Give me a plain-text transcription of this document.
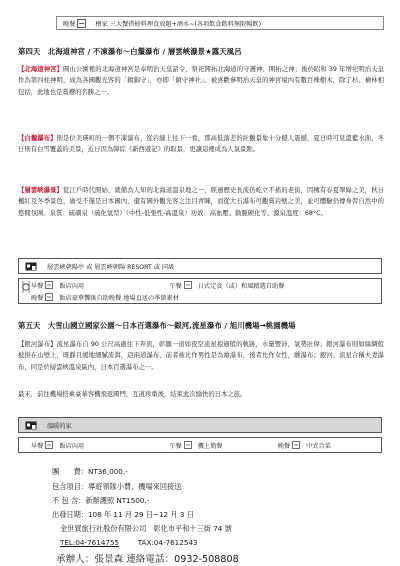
晚餐	檜家 三大蟹搭螃料理食放題+酒水~(各項飲食飲料無限暢飲)
第四天　北海道神宮 / 不凍瀑布～白鬚瀑布 / 層雲峽瀑景★露天風呂
【北海道神宮】圓山公園裡的北海道神宮是奉明治天皇詔令，祭祀開拓北海道的守護神、開拓之神；後於昭和 39 年增祀明治天皇作為第四柱神明，成為各國觀光客的「鎮錦守」，亦即「鎮守神社」。被喜歡參明治天皇的神宮境內有數百株樹木，除了杉、檜林相包括，此地也是賞櫻的名勝之一。
【白鬚瀑布】則是位美瑛町的一個不凍瀑布，從岩縫上往下一看，那高低落差的壯觀景象十分撼人震撼，夏日時可見溫藍水面，冬日則有白雪覆蓋的美景，近日因為韓綜《新西遊記》的取景，更讓這裡成為人氣景點。
【層雲峽瀑景】從江戶時代開始，就備為人知的北海道溫泉地之一，經過歷史長流仍屹立不搖的老街，因擁有春夏翠綠之美，秋日楓紅及冬季景色，廣受不僅是日本國內，還有國外觀光客之注目青睞，而從大石瀑布可觀賞岩壁之美，並可體驗仍傳身習自然中的悠閒氛圍。泉質：硫磺泉（硫化氫型）（中性-低張性-高溫泉）功效：高血壓、動脈硬化等。源泉溫度：68°C。
層雲峽朝陽亭 或 層雲峽朝陽 RESORT 或 同級
早餐	飯店內用	午餐	日式定食（或）和風精選自助餐
晚餐	飯店豪華饗匯自助晚餐 地場直送の季節素材
第五天　大雪山國立國家公園～日本百選瀑布～銀河,流星瀑布 / 旭川機場→桃園機場
【銀河瀑布】流星瀑布自 90 公尺高處往下奔流，彰顯一道如夜空流星掠過般的軌跡，水量豐沛，氣勢壯偉；銀河瀑布則如絲綢般披掛在山壁上，既靜且緩地細膩流瀉，這兩道瀑布，前者被比作男性是為雄瀑布，後者比作女性，雌瀑布；銀河、流星合稱夫妻瀑布，同是於層雲峽溫泉區內，日本百選瀑布之一。
最末，前往機場搭乘豪華客機飛返國門，互道珍重後，結束此次愉快的日本之旅。
溫暖的家
早餐	飯店內用	午餐	機上簡餐	晚餐	中式合菜
團　　費：NT36,000.-
包含項目：導遊領隊小費、機場來回接送
不 包 含：新辦護照 NT1500.-
出發日期：108 年 11 月 29 日~12 月 3 日
金世貿旅行社股份有限公司　彰化市平和十三街 74 號
TEL:04-7614755	TAX:04-7612543
承辦人：張景森 連絡電話：0932-508808
